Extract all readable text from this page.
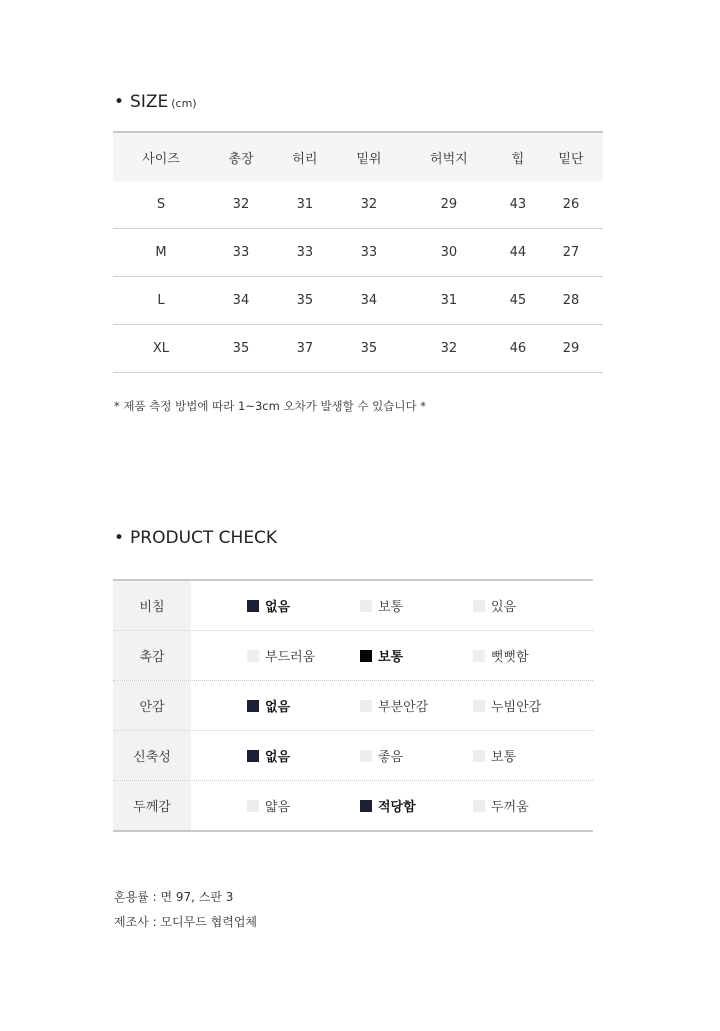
• SIZE (cm)
사이즈	총장	허리	밑위	허벅지	힙	밑단
S	32	31	32	29	43	26
M	33	33	33	30	44	27
L	34	35	34	31	45	28
XL	35	37	35	32	46	29
* 제품 측정 방법에 따라 1~3cm 오차가 발생할 수 있습니다 *
• PRODUCT CHECK
비침	없음	보통	있음
촉감	부드러움	보통	뻣뻣함
안감	없음	부분안감	누빔안감
신축성	없음	좋음	보통
두께감	얇음	적당함	두꺼움
혼용률 : 면 97, 스판 3
제조사 : 모디무드 협력업체
